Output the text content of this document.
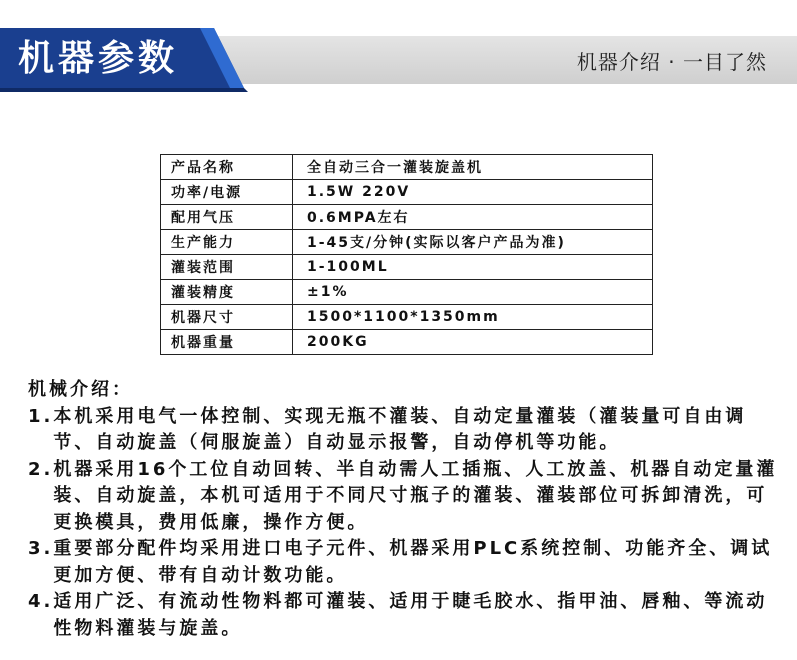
机器参数	机器介绍 · 一目了然
产品名称	全自动三合一灌装旋盖机
功率/电源	1.5W 220V
配用气压	0.6MPA左右
生产能力	1-45支/分钟(实际以客户产品为准)
灌装范围	1-100ML
灌装精度	±1%
机器尺寸	1500*1100*1350mm
机器重量	200KG
机械介绍：
1. 本机采用电气一体控制、实现无瓶不灌装、自动定量灌装（灌装量可自由调节、自动旋盖（伺服旋盖）自动显示报警，自动停机等功能。
2. 机器采用16个工位自动回转、半自动需人工插瓶、人工放盖、机器自动定量灌装、自动旋盖，本机可适用于不同尺寸瓶子的灌装、灌装部位可拆卸清洗，可更换模具，费用低廉，操作方便。
3. 重要部分配件均采用进口电子元件、机器采用PLC系统控制、功能齐全、调试更加方便、带有自动计数功能。
4. 适用广泛、有流动性物料都可灌装、适用于睫毛胶水、指甲油、唇釉、等流动性物料灌装与旋盖。
